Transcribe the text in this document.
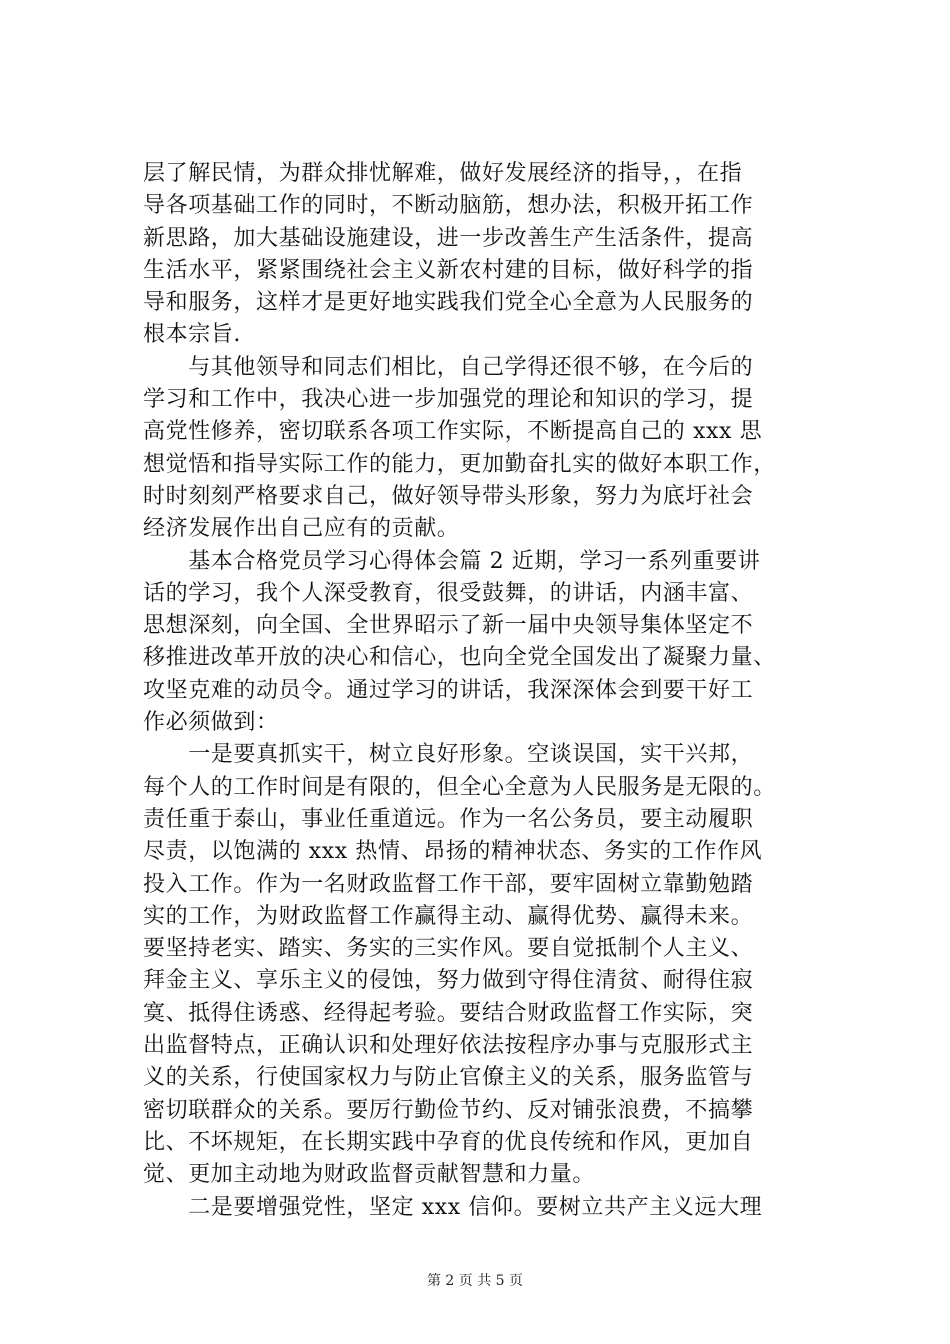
层了解民情，为群众排忧解难，做好发展经济的指导，，在指
导各项基础工作的同时，不断动脑筋，想办法，积极开拓工作
新思路，加大基础设施建设，进一步改善生产生活条件，提高
生活水平，紧紧围绕社会主义新农村建的目标，做好科学的指
导和服务，这样才是更好地实践我们党全心全意为人民服务的
根本宗旨.
　　与其他领导和同志们相比，自己学得还很不够，在今后的
学习和工作中，我决心进一步加强党的理论和知识的学习，提
高党性修养，密切联系各项工作实际，不断提高自己的 xxx 思
想觉悟和指导实际工作的能力，更加勤奋扎实的做好本职工作，
时时刻刻严格要求自己，做好领导带头形象，努力为底圩社会
经济发展作出自己应有的贡献。
　　基本合格党员学习心得体会篇 2 近期，学习一系列重要讲
话的学习，我个人深受教育，很受鼓舞，的讲话，内涵丰富、
思想深刻，向全国、全世界昭示了新一届中央领导集体坚定不
移推进改革开放的决心和信心，也向全党全国发出了凝聚力量、
攻坚克难的动员令。通过学习的讲话，我深深体会到要干好工
作必须做到：
　　一是要真抓实干，树立良好形象。空谈误国，实干兴邦，
每个人的工作时间是有限的，但全心全意为人民服务是无限的。
责任重于泰山，事业任重道远。作为一名公务员，要主动履职
尽责，以饱满的 xxx 热情、昂扬的精神状态、务实的工作作风
投入工作。作为一名财政监督工作干部，要牢固树立靠勤勉踏
实的工作，为财政监督工作赢得主动、赢得优势、赢得未来。
要坚持老实、踏实、务实的三实作风。要自觉抵制个人主义、
拜金主义、享乐主义的侵蚀，努力做到守得住清贫、耐得住寂
寞、抵得住诱惑、经得起考验。要结合财政监督工作实际，突
出监督特点，正确认识和处理好依法按程序办事与克服形式主
义的关系，行使国家权力与防止官僚主义的关系，服务监管与
密切联群众的关系。要厉行勤俭节约、反对铺张浪费，不搞攀
比、不坏规矩，在长期实践中孕育的优良传统和作风，更加自
觉、更加主动地为财政监督贡献智慧和力量。
　　二是要增强党性，坚定 xxx 信仰。要树立共产主义远大理
第 2 页 共 5 页
